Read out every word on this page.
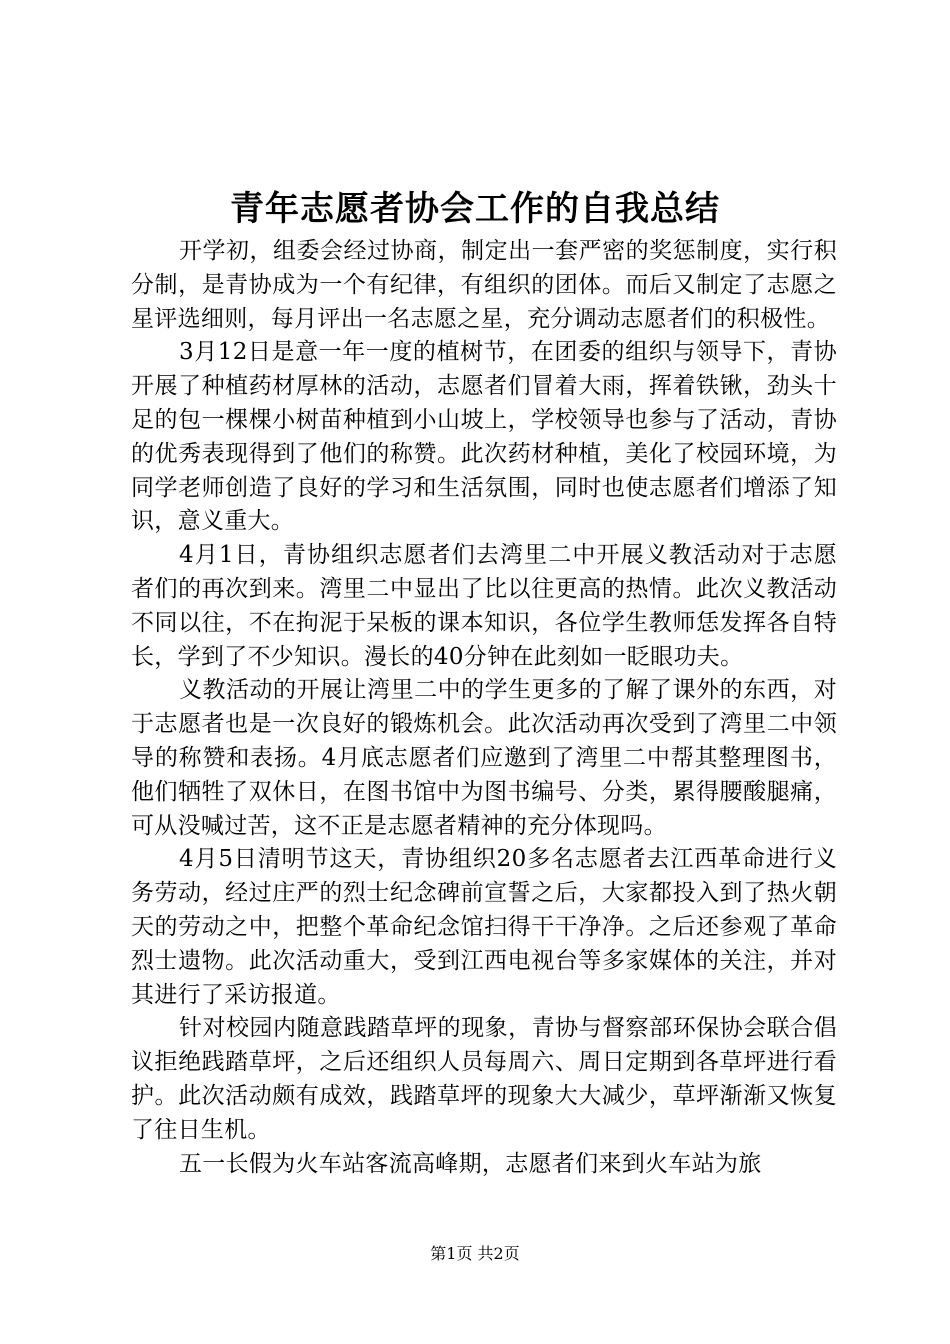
青年志愿者协会工作的自我总结

开学初，组委会经过协商，制定出一套严密的奖惩制度，实行积分制，是青协成为一个有纪律，有组织的团体。而后又制定了志愿之星评选细则，每月评出一名志愿之星，充分调动志愿者们的积极性。

3月12日是意一年一度的植树节，在团委的组织与领导下，青协开展了种植药材厚林的活动，志愿者们冒着大雨，挥着铁锹，劲头十足的包一棵棵小树苗种植到小山坡上，学校领导也参与了活动，青协的优秀表现得到了他们的称赞。此次药材种植，美化了校园环境，为同学老师创造了良好的学习和生活氛围，同时也使志愿者们增添了知识，意义重大。

4月1日，青协组织志愿者们去湾里二中开展义教活动对于志愿者们的再次到来。湾里二中显出了比以往更高的热情。此次义教活动不同以往，不在拘泥于呆板的课本知识，各位学生教师恁发挥各自特长，学到了不少知识。漫长的40分钟在此刻如一眨眼功夫。

义教活动的开展让湾里二中的学生更多的了解了课外的东西，对于志愿者也是一次良好的锻炼机会。此次活动再次受到了湾里二中领导的称赞和表扬。4月底志愿者们应邀到了湾里二中帮其整理图书，他们牺牲了双休日，在图书馆中为图书编号、分类，累得腰酸腿痛，可从没喊过苦，这不正是志愿者精神的充分体现吗。

4月5日清明节这天，青协组织20多名志愿者去江西革命进行义务劳动，经过庄严的烈士纪念碑前宣誓之后，大家都投入到了热火朝天的劳动之中，把整个革命纪念馆扫得干干净净。之后还参观了革命烈士遗物。此次活动重大，受到江西电视台等多家媒体的关注，并对其进行了采访报道。

针对校园内随意践踏草坪的现象，青协与督察部环保协会联合倡议拒绝践踏草坪，之后还组织人员每周六、周日定期到各草坪进行看护。此次活动颇有成效，践踏草坪的现象大大减少，草坪渐渐又恢复了往日生机。

五一长假为火车站客流高峰期，志愿者们来到火车站为旅

第1页 共2页
